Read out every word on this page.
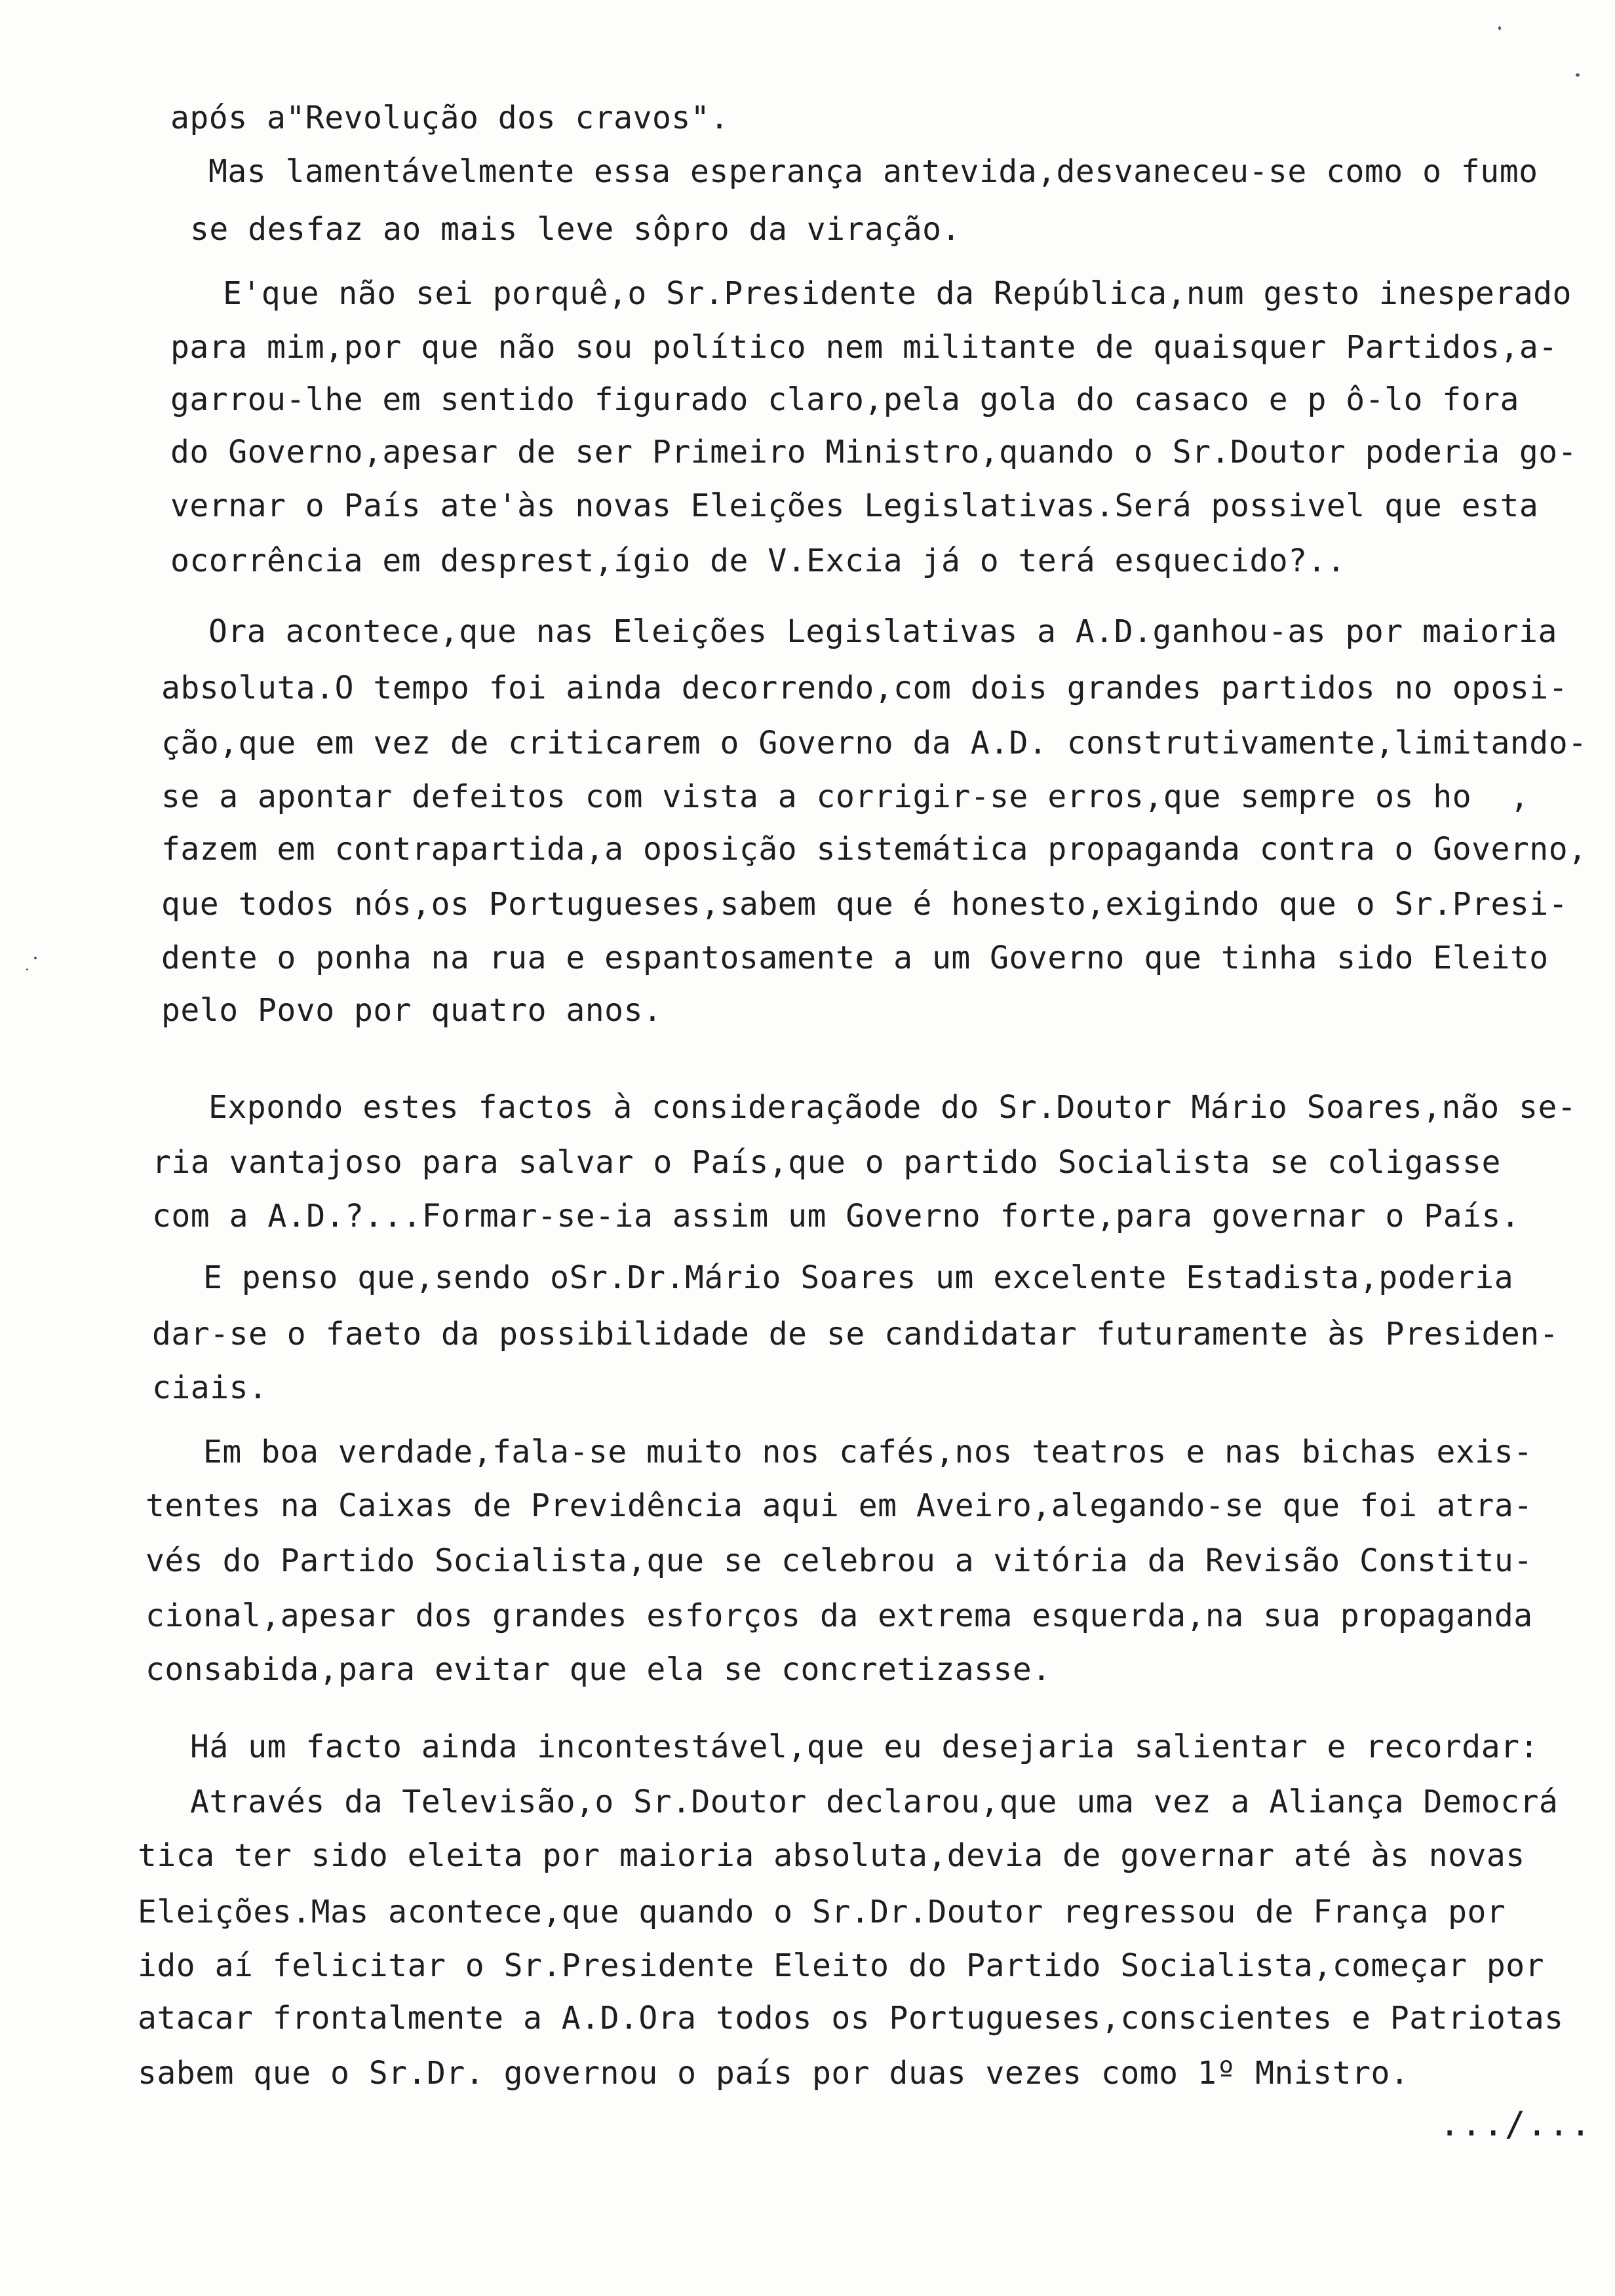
após a"Revolução dos cravos".
Mas lamentávelmente essa esperança antevida,desvaneceu-se como o fumo
se desfaz ao mais leve sôpro da viração.
E'que não sei porquê,o Sr.Presidente da República,num gesto inesperado
para mim,por que não sou político nem militante de quaisquer Partidos,a-
garrou-lhe em sentido figurado claro,pela gola do casaco e p ô-lo fora
do Governo,apesar de ser Primeiro Ministro,quando o Sr.Doutor poderia go-
vernar o País ate'às novas Eleições Legislativas.Será possivel que esta
ocorrência em desprest,ígio de V.Excia já o terá esquecido?..
Ora acontece,que nas Eleições Legislativas a A.D.ganhou-as por maioria
absoluta.O tempo foi ainda decorrendo,com dois grandes partidos no oposi-
ção,que em vez de criticarem o Governo da A.D. construtivamente,limitando-
se a apontar defeitos com vista a corrigir-se erros,que sempre os ho  ,
fazem em contrapartida,a oposição sistemática propaganda contra o Governo,
que todos nós,os Portugueses,sabem que é honesto,exigindo que o Sr.Presi-
dente o ponha na rua e espantosamente a um Governo que tinha sido Eleito
pelo Povo por quatro anos.
Expondo estes factos à consideraçãode do Sr.Doutor Mário Soares,não se-
ria vantajoso para salvar o País,que o partido Socialista se coligasse
com a A.D.?...Formar-se-ia assim um Governo forte,para governar o País.
E penso que,sendo oSr.Dr.Mário Soares um excelente Estadista,poderia
dar-se o faeto da possibilidade de se candidatar futuramente às Presiden-
ciais.
Em boa verdade,fala-se muito nos cafés,nos teatros e nas bichas exis-
tentes na Caixas de Previdência aqui em Aveiro,alegando-se que foi atra-
vés do Partido Socialista,que se celebrou a vitória da Revisão Constitu-
cional,apesar dos grandes esforços da extrema esquerda,na sua propaganda
consabida,para evitar que ela se concretizasse.
Há um facto ainda incontestável,que eu desejaria salientar e recordar:
Através da Televisão,o Sr.Doutor declarou,que uma vez a Aliança Democrá
tica ter sido eleita por maioria absoluta,devia de governar até às novas
Eleições.Mas acontece,que quando o Sr.Dr.Doutor regressou de França por
ido aí felicitar o Sr.Presidente Eleito do Partido Socialista,começar por
atacar frontalmente a A.D.Ora todos os Portugueses,conscientes e Patriotas
sabem que o Sr.Dr. governou o país por duas vezes como 1º Mnistro.
.../...
